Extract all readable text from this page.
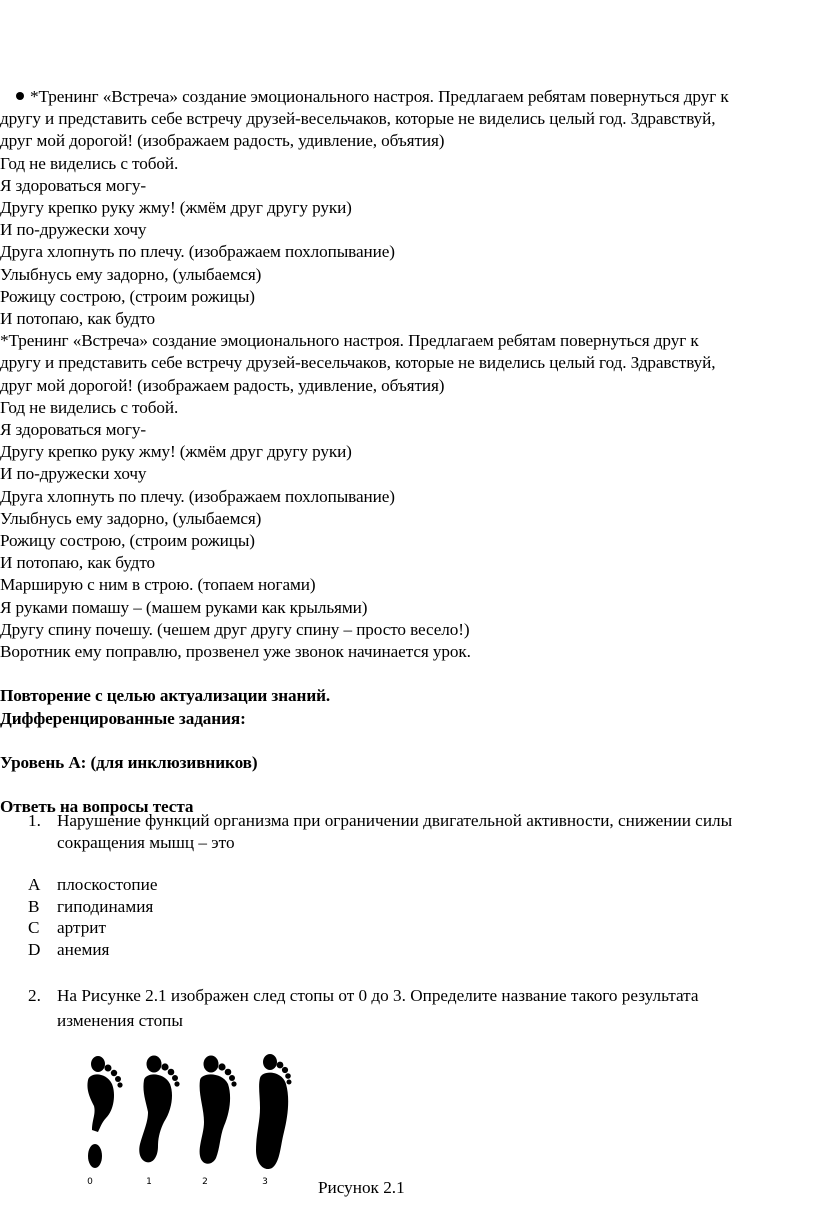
*Тренинг «Встреча» создание эмоционального настроя. Предлагаем ребятам повернуться друг к
другу и представить себе встречу друзей-весельчаков, которые не виделись целый год. Здравствуй,
друг мой дорогой! (изображаем радость, удивление, объятия)
Год не виделись с тобой.
Я здороваться могу-
Другу крепко руку жму! (жмём друг другу руки)
И по-дружески хочу
Друга хлопнуть по плечу. (изображаем похлопывание)
Улыбнусь ему задорно, (улыбаемся)
Рожицу сострою, (строим рожицы)
И потопаю, как будто
*Тренинг «Встреча» создание эмоционального настроя. Предлагаем ребятам повернуться друг к
другу и представить себе встречу друзей-весельчаков, которые не виделись целый год. Здравствуй,
друг мой дорогой! (изображаем радость, удивление, объятия)
Год не виделись с тобой.
Я здороваться могу-
Другу крепко руку жму! (жмём друг другу руки)
И по-дружески хочу
Друга хлопнуть по плечу. (изображаем похлопывание)
Улыбнусь ему задорно, (улыбаемся)
Рожицу сострою, (строим рожицы)
И потопаю, как будто
Марширую с ним в строю. (топаем ногами)
Я руками помашу – (машем руками как крыльями)
Другу спину почешу. (чешем друг другу спину – просто весело!)
Воротник ему поправлю, прозвенел уже звонок начинается урок.
Повторение с целью актуализации знаний.
Дифференцированные задания:
Уровень А: (для инклюзивников)
Ответь на вопросы теста
1. Нарушение функций организма при ограничении двигательной активности, снижении силы
сокращения мышц – это
A плоскостопие
B гиподинамия
C артрит
D анемия
2. На Рисунке 2.1 изображен след стопы от 0 до 3. Определите название такого результата
изменения стопы
0	1	2	3	Рисунок 2.1
